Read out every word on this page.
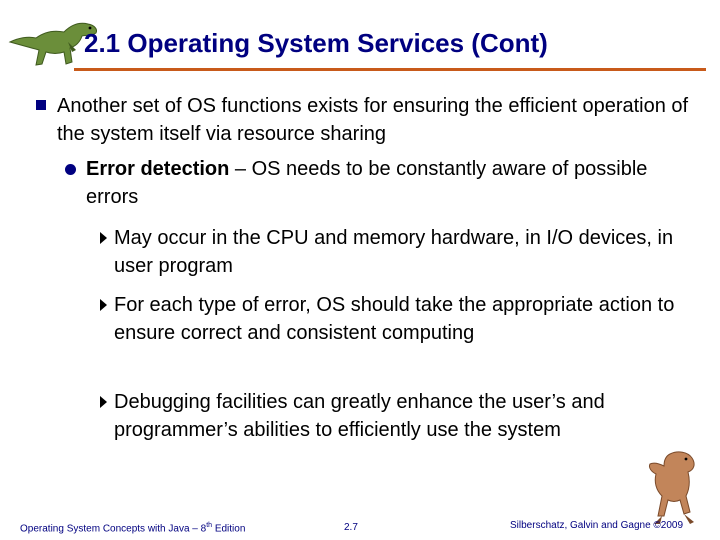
2.1 Operating System Services (Cont)
Another set of OS functions exists for ensuring the efficient operation of the system itself via resource sharing
Error detection – OS needs to be constantly aware of possible errors
May occur in the CPU and memory hardware, in I/O devices, in user program
For each type of error, OS should take the appropriate action to ensure correct and consistent computing
Debugging facilities can greatly enhance the user’s and programmer’s abilities to efficiently use the system
Operating System Concepts with Java – 8th Edition	2.7	Silberschatz, Galvin and Gagne ©2009
